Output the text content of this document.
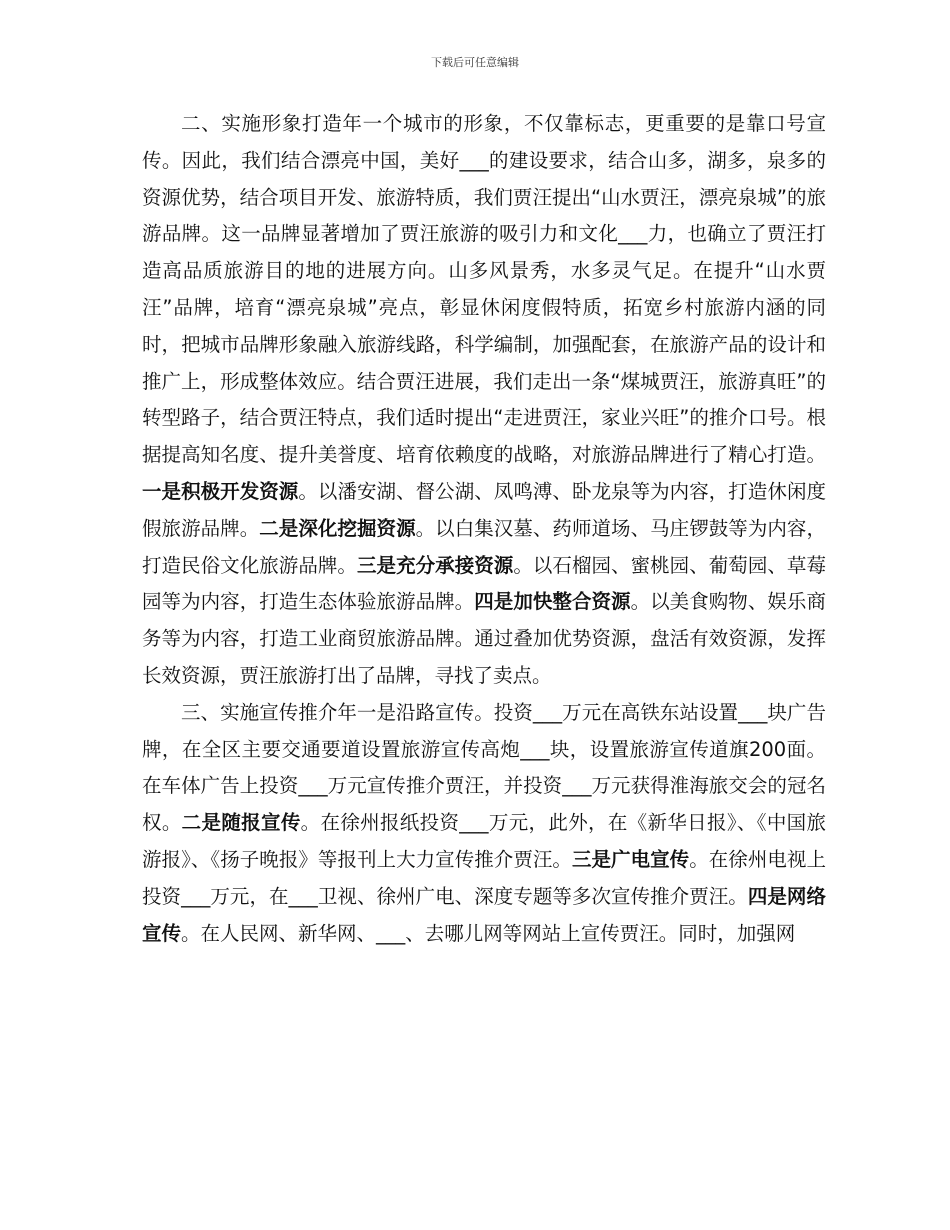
下载后可任意编辑

二、实施形象打造年一个城市的形象，不仅靠标志，更重要的是靠口号宣传。因此，我们结合漂亮中国，美好___的建设要求，结合山多，湖多，泉多的资源优势，结合项目开发、旅游特质，我们贾汪提出“山水贾汪，漂亮泉城”的旅游品牌。这一品牌显著增加了贾汪旅游的吸引力和文化___力，也确立了贾汪打造高品质旅游目的地的进展方向。山多风景秀，水多灵气足。在提升“山水贾汪”品牌，培育“漂亮泉城”亮点，彰显休闲度假特质，拓宽乡村旅游内涵的同时，把城市品牌形象融入旅游线路，科学编制，加强配套，在旅游产品的设计和推广上，形成整体效应。结合贾汪进展，我们走出一条“煤城贾汪，旅游真旺”的转型路子，结合贾汪特点，我们适时提出“走进贾汪，家业兴旺”的推介口号。根据提高知名度、提升美誉度、培育依赖度的战略，对旅游品牌进行了精心打造。一是积极开发资源。以潘安湖、督公湖、凤鸣溥、卧龙泉等为内容，打造休闲度假旅游品牌。二是深化挖掘资源。以白集汉墓、药师道场、马庄锣鼓等为内容，打造民俗文化旅游品牌。三是充分承接资源。以石榴园、蜜桃园、葡萄园、草莓园等为内容，打造生态体验旅游品牌。四是加快整合资源。以美食购物、娱乐商务等为内容，打造工业商贸旅游品牌。通过叠加优势资源，盘活有效资源，发挥长效资源，贾汪旅游打出了品牌，寻找了卖点。

三、实施宣传推介年一是沿路宣传。投资___万元在高铁东站设置___块广告牌，在全区主要交通要道设置旅游宣传高炮___块，设置旅游宣传道旗200面。在车体广告上投资___万元宣传推介贾汪，并投资___万元获得淮海旅交会的冠名权。二是随报宣传。在徐州报纸投资___万元，此外，在《新华日报》、《中国旅游报》、《扬子晚报》等报刊上大力宣传推介贾汪。三是广电宣传。在徐州电视上投资___万元，在___卫视、徐州广电、深度专题等多次宣传推介贾汪。四是网络宣传。在人民网、新华网、___、去哪儿网等网站上宣传贾汪。同时，加强网
